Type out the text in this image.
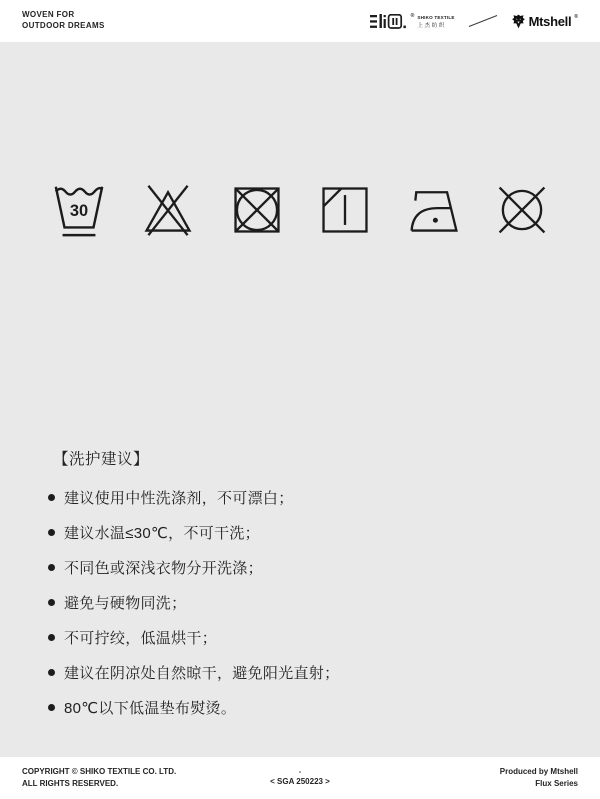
WOVEN FOR
OUTDOOR DREAMS
® SHIKO TEXTILE
上杰纺织	Mtshell ®
30
【洗护建议】
建议使用中性洗涤剂，不可漂白；
建议水温≤30℃，不可干洗；
不同色或深浅衣物分开洗涤；
避免与硬物同洗；
不可拧绞，低温烘干；
建议在阴凉处自然晾干，避免阳光直射；
80℃以下低温垫布熨烫。
COPYRIGHT © SHIKO TEXTILE CO. LTD.
ALL RIGHTS RESERVED.
-
< SGA 250223 >
Produced by Mtshell
Flux Series
